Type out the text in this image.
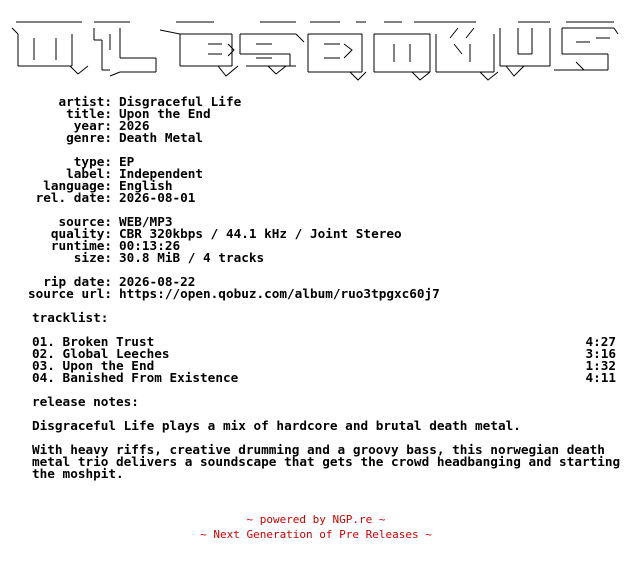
artist: Disgraceful Life
title: Upon the End
year: 2026
genre: Death Metal
type: EP
label: Independent
language: English
rel. date: 2026-08-01
source: WEB/MP3
quality: CBR 320kbps / 44.1 kHz / Joint Stereo
runtime: 00:13:26
size: 30.8 MiB / 4 tracks
rip date: 2026-08-22
source url: https://open.qobuz.com/album/ruo3tpgxc60j7
tracklist:
01. Broken Trust	4:27
02. Global Leeches	3:16
03. Upon the End	1:32
04. Banished From Existence	4:11
release notes:
Disgraceful Life plays a mix of hardcore and brutal death metal.
With heavy riffs, creative drumming and a groovy bass, this norwegian death metal trio delivers a soundscape that gets the crowd headbanging and starting the moshpit.
~ powered by NGP.re ~
~ Next Generation of Pre Releases ~
